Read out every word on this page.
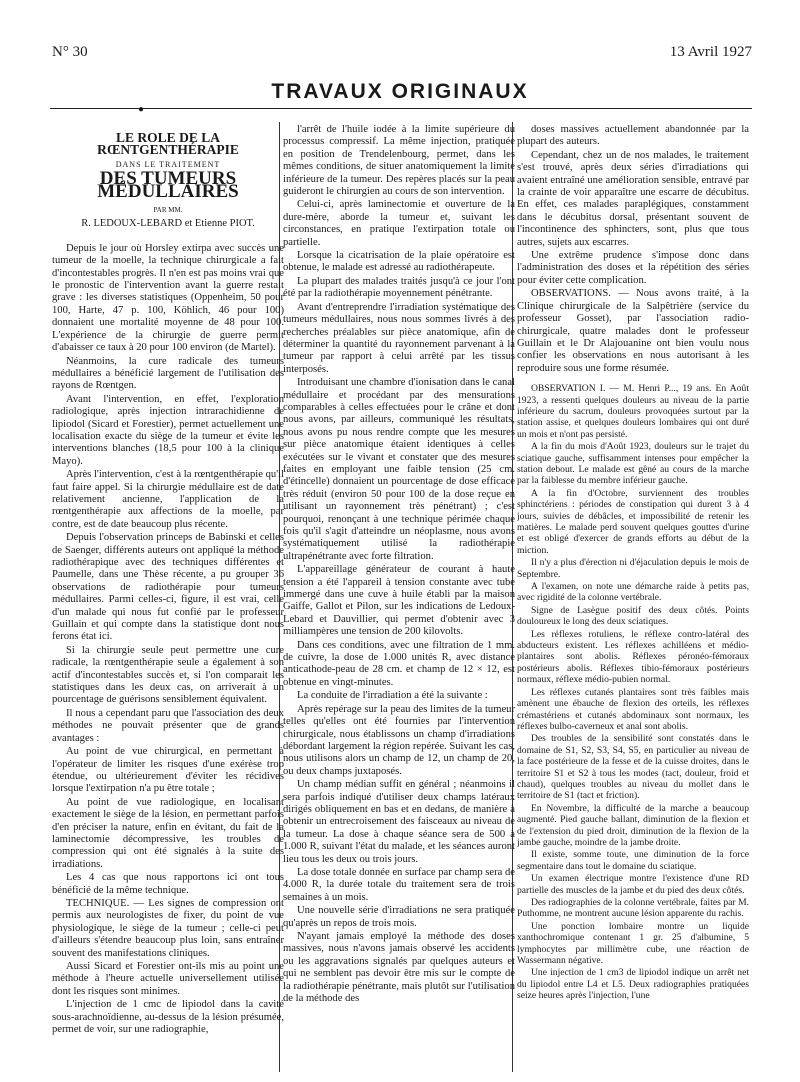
N° 30	13 Avril 1927
TRAVAUX ORIGINAUX
●

LE ROLE DE LA RŒNTGENTHÉRAPIE

DANS LE TRAITEMENT

DES TUMEURS MÉDULLAIRES

PAR MM.

R. LEDOUX-LEBARD et Etienne PIOT.

Depuis le jour où Horsley extirpa avec succès une tumeur de la moelle, la technique chirurgicale a fait d'incontestables progrès. Il n'en est pas moins vrai que le pronostic de l'intervention avant la guerre restait grave : les diverses statistiques (Oppenheim, 50 pour 100, Harte, 47 p. 100, Köhlich, 46 pour 100) donnaient une mortalité moyenne de 48 pour 100. L'expérience de la chirurgie de guerre permit d'abaisser ce taux à 20 pour 100 environ (de Martel).

Néanmoins, la cure radicale des tumeurs médullaires a bénéficié largement de l'utilisation des rayons de Rœntgen.

Avant l'intervention, en effet, l'exploration radiologique, après injection intrarachidienne de lipiodol (Sicard et Forestier), permet actuellement une localisation exacte du siège de la tumeur et évite les interventions blanches (18,5 pour 100 à la clinique Mayo).

Après l'intervention, c'est à la rœntgenthérapie qu'il faut faire appel. Si la chirurgie médullaire est de date relativement ancienne, l'application de la rœntgenthérapie aux affections de la moelle, par contre, est de date beaucoup plus récente.

Depuis l'observation princeps de Babinski et celles de Saenger, différents auteurs ont appliqué la méthode radiothérapique avec des techniques différentes et Paumelle, dans une Thèse récente, a pu grouper 36 observations de radiothérapie pour tumeurs médullaires. Parmi celles-ci, figure, il est vrai, celle d'un malade qui nous fut confié par le professeur Guillain et qui compte dans la statistique dont nous ferons état ici.

Si la chirurgie seule peut permettre une cure radicale, la rœntgenthérapie seule a également à son actif d'incontestables succès et, si l'on comparait les statistiques dans les deux cas, on arriverait à un pourcentage de guérisons sensiblement équivalent.

Il nous a cependant paru que l'association des deux méthodes ne pouvait présenter que de grands avantages :

Au point de vue chirurgical, en permettant à l'opérateur de limiter les risques d'une exérèse trop étendue, ou ultérieurement d'éviter les récidives lorsque l'extirpation n'a pu être totale ;

Au point de vue radiologique, en localisant exactement le siège de la lésion, en permettant parfois d'en préciser la nature, enfin en évitant, du fait de la laminectomie décompressive, les troubles de compression qui ont été signalés à la suite des irradiations.

Les 4 cas que nous rapportons ici ont tous bénéficié de la même technique.

TECHNIQUE. — Les signes de compression ont permis aux neurologistes de fixer, du point de vue physiologique, le siège de la tumeur ; celle-ci peut d'ailleurs s'étendre beaucoup plus loin, sans entraîner souvent des manifestations cliniques.

Aussi Sicard et Forestier ont-ils mis au point une méthode à l'heure actuelle universellement utilisée dont les risques sont minimes.

L'injection de 1 cmc de lipiodol dans la cavité sous-arachnoïdienne, au-dessus de la lésion présumée, permet de voir, sur une radiographie,

l'arrêt de l'huile iodée à la limite supérieure du processus compressif. La même injection, pratiquée en position de Trendelenbourg, permet, dans les mêmes conditions, de situer anatomiquement la limite inférieure de la tumeur. Des repères placés sur la peau guideront le chirurgien au cours de son intervention.

Celui-ci, après laminectomie et ouverture de la dure-mère, aborde la tumeur et, suivant les circonstances, en pratique l'extirpation totale ou partielle.

Lorsque la cicatrisation de la plaie opératoire est obtenue, le malade est adressé au radiothérapeute.

La plupart des malades traités jusqu'à ce jour l'ont été par la radiothérapie moyennement pénétrante.

Avant d'entreprendre l'irradiation systématique des tumeurs médullaires, nous nous sommes livrés à des recherches préalables sur pièce anatomique, afin de déterminer la quantité du rayonnement parvenant à la tumeur par rapport à celui arrêté par les tissus interposés.

Introduisant une chambre d'ionisation dans le canal médullaire et procédant par des mensurations comparables à celles effectuées pour le crâne et dont nous avons, par ailleurs, communiqué les résultats, nous avons pu nous rendre compte que les mesures sur pièce anatomique étaient identiques à celles exécutées sur le vivant et constater que des mesures faites en employant une faible tension (25 cm. d'étincelle) donnaient un pourcentage de dose efficace très réduit (environ 50 pour 100 de la dose reçue en utilisant un rayonnement très pénétrant) ; c'est pourquoi, renonçant à une technique périmée chaque fois qu'il s'agit d'atteindre un néoplasme, nous avons systématiquement utilisé la radiothérapie ultrapénétrante avec forte filtration.

L'appareillage générateur de courant à haute tension a été l'appareil à tension constante avec tube immergé dans une cuve à huile établi par la maison Gaiffe, Gallot et Pilon, sur les indications de Ledoux-Lebard et Dauvillier, qui permet d'obtenir avec 3 milliampères une tension de 200 kilovolts.

Dans ces conditions, avec une filtration de 1 mm. de cuivre, la dose de 1.000 unités R, avec distance anticathode-peau de 28 cm. et champ de 12 × 12, est obtenue en vingt-minutes.

La conduite de l'irradiation a été la suivante :

Après repérage sur la peau des limites de la tumeur telles qu'elles ont été fournies par l'intervention chirurgicale, nous établissons un champ d'irradiations débordant largement la région repérée. Suivant les cas, nous utilisons alors un champ de 12, un champ de 20, ou deux champs juxtaposés.

Un champ médian suffit en général ; néanmoins il sera parfois indiqué d'utiliser deux champs latéraux dirigés obliquement en bas et en dedans, de manière à obtenir un entrecroisement des faisceaux au niveau de la tumeur. La dose à chaque séance sera de 500 à 1.000 R, suivant l'état du malade, et les séances auront lieu tous les deux ou trois jours.

La dose totale donnée en surface par champ sera de 4.000 R, la durée totale du traitement sera de trois semaines à un mois.

Une nouvelle série d'irradiations ne sera pratiquée qu'après un repos de trois mois.

N'ayant jamais employé la méthode des doses massives, nous n'avons jamais observé les accidents ou les aggravations signalés par quelques auteurs et qui ne semblent pas devoir être mis sur le compte de la radiothérapie pénétrante, mais plutôt sur l'utilisation de la méthode des

doses massives actuellement abandonnée par la plupart des auteurs.

Cependant, chez un de nos malades, le traitement s'est trouvé, après deux séries d'irradiations qui avaient entraîné une amélioration sensible, entravé par la crainte de voir apparaître une escarre de décubitus. En effet, ces malades paraplégiques, constamment dans le décubitus dorsal, présentant souvent de l'incontinence des sphincters, sont, plus que tous autres, sujets aux escarres.

Une extrême prudence s'impose donc dans l'administration des doses et la répétition des séries pour éviter cette complication.

OBSERVATIONS. — Nous avons traité, à la Clinique chirurgicale de la Salpêtrière (service du professeur Gosset), par l'association radio-chirurgicale, quatre malades dont le professeur Guillain et le Dr Alajouanine ont bien voulu nous confier les observations en nous autorisant à les reproduire sous une forme résumée.

OBSERVATION I. — M. Henri P..., 19 ans. En Août 1923, a ressenti quelques douleurs au niveau de la partie inférieure du sacrum, douleurs provoquées surtout par la station assise, et quelques douleurs lombaires qui ont duré un mois et n'ont pas persisté.

A la fin du mois d'Août 1923, douleurs sur le trajet du sciatique gauche, suffisamment intenses pour empêcher la station debout. Le malade est gêné au cours de la marche par la faiblesse du membre inférieur gauche.

A la fin d'Octobre, surviennent des troubles sphinctériens : périodes de constipation qui durent 3 à 4 jours, suivies de débâcles, et impossibilité de retenir les matières. Le malade perd souvent quelques gouttes d'urine et est obligé d'exercer de grands efforts au début de la miction.

Il n'y a plus d'érection ni d'éjaculation depuis le mois de Septembre.

A l'examen, on note une démarche raide à petits pas, avec rigidité de la colonne vertébrale.

Signe de Lasègue positif des deux côtés. Points douloureux le long des deux sciatiques.

Les réflexes rotuliens, le réflexe contro-latéral des abducteurs existent. Les réflexes achilléens et médio-plantaires sont abolis. Réflexes péronéo-fémoraux postérieurs abolis. Réflexes tibio-fémoraux postérieurs normaux, réflexe médio-pubien normal.

Les réflexes cutanés plantaires sont très faibles mais amènent une ébauche de flexion des orteils, les réflexes crémastériens et cutanés abdominaux sont normaux, les réflexes bulbo-caverneux et anal sont abolis.

Des troubles de la sensibilité sont constatés dans le domaine de S1, S2, S3, S4, S5, en particulier au niveau de la face postérieure de la fesse et de la cuisse droites, dans le territoire S1 et S2 à tous les modes (tact, douleur, froid et chaud), quelques troubles au niveau du mollet dans le territoire de S1 (tact et friction).

En Novembre, la difficulté de la marche a beaucoup augmenté. Pied gauche ballant, diminution de la flexion et de l'extension du pied droit, diminution de la flexion de la jambe gauche, moindre de la jambe droite.

Il existe, somme toute, une diminution de la force segmentaire dans tout le domaine du sciatique.

Un examen électrique montre l'existence d'une RD partielle des muscles de la jambe et du pied des deux côtés.

Des radiographies de la colonne vertébrale, faites par M. Puthomme, ne montrent aucune lésion apparente du rachis.

Une ponction lombaire montre un liquide xanthochromique contenant 1 gr. 25 d'albumine, 5 lymphocytes par millimètre cube, une réaction de Wassermann négative.

Une injection de 1 cm3 de lipiodol indique un arrêt net du lipiodol entre L4 et L5. Deux radiographies pratiquées seize heures après l'injection, l'une
